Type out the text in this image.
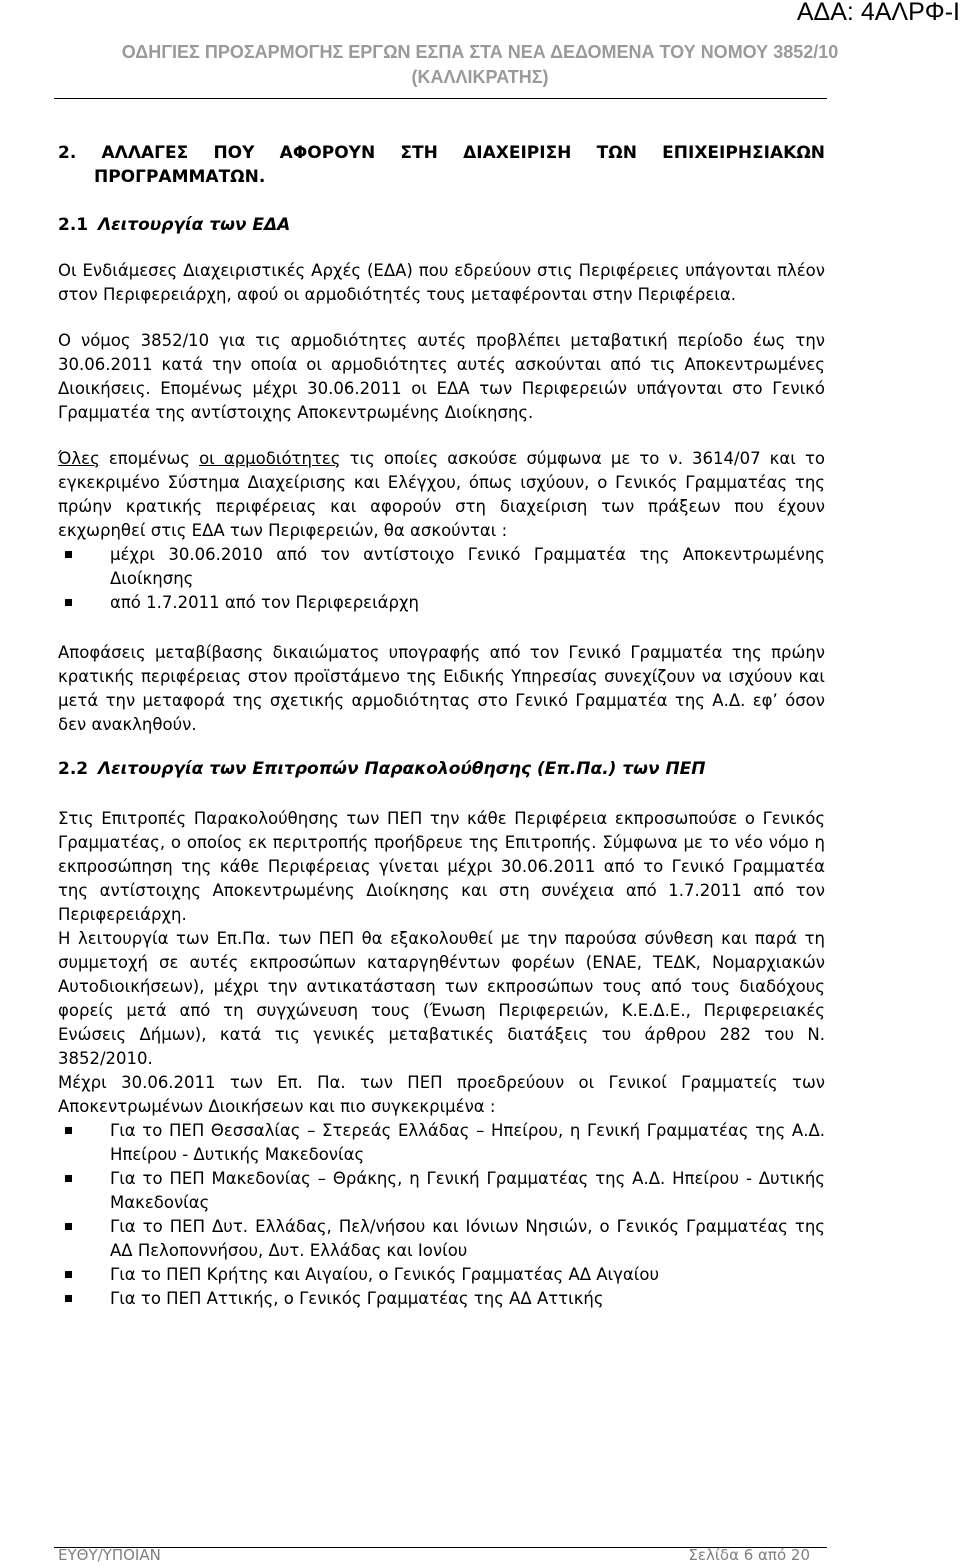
ΑΔΑ: 4ΑΛΡΦ-Ι
ΟΔΗΓΙΕΣ ΠΡΟΣΑΡΜΟΓΗΣ ΕΡΓΩΝ ΕΣΠΑ ΣΤΑ ΝΕΑ ΔΕΔΟΜΕΝΑ ΤΟΥ ΝΟΜΟΥ 3852/10
(ΚΑΛΛΙΚΡΑΤΗΣ)

2. ΑΛΛΑΓΕΣ ΠΟΥ ΑΦΟΡΟΥΝ ΣΤΗ ΔΙΑΧΕΙΡΙΣΗ ΤΩΝ ΕΠΙΧΕΙΡΗΣΙΑΚΩΝ ΠΡΟΓΡΑΜΜΑΤΩΝ.

2.1 Λειτουργία των ΕΔΑ

Οι Ενδιάμεσες Διαχειριστικές Αρχές (ΕΔΑ) που εδρεύουν στις Περιφέρειες υπάγονται πλέον στον Περιφερειάρχη, αφού οι αρμοδιότητές τους μεταφέρονται στην Περιφέρεια.

Ο νόμος 3852/10 για τις αρμοδιότητες αυτές προβλέπει μεταβατική περίοδο έως την 30.06.2011 κατά την οποία οι αρμοδιότητες αυτές ασκούνται από τις Αποκεντρωμένες Διοικήσεις. Επομένως μέχρι 30.06.2011 οι ΕΔΑ των Περιφερειών υπάγονται στο Γενικό Γραμματέα της αντίστοιχης Αποκεντρωμένης Διοίκησης.

Όλες επομένως οι αρμοδιότητες τις οποίες ασκούσε σύμφωνα με το ν. 3614/07 και το εγκεκριμένο Σύστημα Διαχείρισης και Ελέγχου, όπως ισχύουν, ο Γενικός Γραμματέας της πρώην κρατικής περιφέρειας και αφορούν στη διαχείριση των πράξεων που έχουν εκχωρηθεί στις ΕΔΑ των Περιφερειών, θα ασκούνται :

μέχρι 30.06.2010 από τον αντίστοιχο Γενικό Γραμματέα της Αποκεντρωμένης Διοίκησης
από 1.7.2011 από τον Περιφερειάρχη

Αποφάσεις μεταβίβασης δικαιώματος υπογραφής από τον Γενικό Γραμματέα της πρώην κρατικής περιφέρειας στον προϊστάμενο της Ειδικής Υπηρεσίας συνεχίζουν να ισχύουν και μετά την μεταφορά της σχετικής αρμοδιότητας στο Γενικό Γραμματέα της Α.Δ. εφ’ όσον δεν ανακληθούν.

2.2 Λειτουργία των Επιτροπών Παρακολούθησης (Επ.Πα.) των ΠΕΠ

Στις Επιτροπές Παρακολούθησης των ΠΕΠ την κάθε Περιφέρεια εκπροσωπούσε ο Γενικός Γραμματέας, ο οποίος εκ περιτροπής προήδρευε της Επιτροπής. Σύμφωνα με το νέο νόμο η εκπροσώπηση της κάθε Περιφέρειας γίνεται μέχρι 30.06.2011 από το Γενικό Γραμματέα της αντίστοιχης Αποκεντρωμένης Διοίκησης και στη συνέχεια από 1.7.2011 από τον Περιφερειάρχη.

Η λειτουργία των Επ.Πα. των ΠΕΠ θα εξακολουθεί με την παρούσα σύνθεση και παρά τη συμμετοχή σε αυτές εκπροσώπων καταργηθέντων φορέων (ΕΝΑΕ, ΤΕΔΚ, Νομαρχιακών Αυτοδιοικήσεων), μέχρι την αντικατάσταση των εκπροσώπων τους από τους διαδόχους φορείς μετά από τη συγχώνευση τους (Ένωση Περιφερειών, Κ.Ε.Δ.Ε., Περιφερειακές Ενώσεις Δήμων), κατά τις γενικές μεταβατικές διατάξεις του άρθρου 282 του Ν. 3852/2010.

Μέχρι 30.06.2011 των Επ. Πα. των ΠΕΠ προεδρεύουν οι Γενικοί Γραμματείς των Αποκεντρωμένων Διοικήσεων και πιο συγκεκριμένα :

Για το ΠΕΠ Θεσσαλίας – Στερεάς Ελλάδας – Ηπείρου, η Γενική Γραμματέας της Α.Δ. Ηπείρου - Δυτικής Μακεδονίας
Για το ΠΕΠ Μακεδονίας – Θράκης, η Γενική Γραμματέας της Α.Δ. Ηπείρου - Δυτικής Μακεδονίας
Για το ΠΕΠ Δυτ. Ελλάδας, Πελ/νήσου και Ιόνιων Νησιών, ο Γενικός Γραμματέας της ΑΔ Πελοποννήσου, Δυτ. Ελλάδας και Ιονίου
Για το ΠΕΠ Κρήτης και Αιγαίου, ο Γενικός Γραμματέας ΑΔ Αιγαίου
Για το ΠΕΠ Αττικής, ο Γενικός Γραμματέας της ΑΔ Αττικής
ΕΥΘΥ/ΥΠΟΙΑΝ	Σελίδα 6 από 20
